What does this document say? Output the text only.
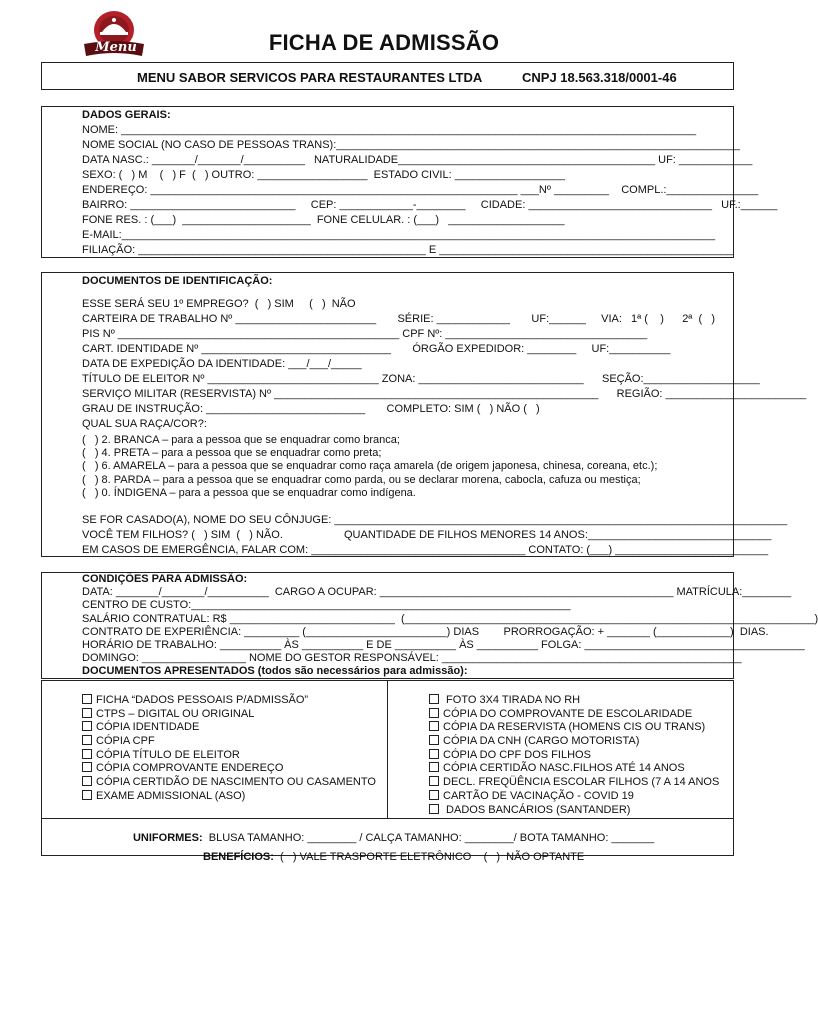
Menu	FICHA DE ADMISSÃO
MENU SABOR SERVICOS PARA RESTAURANTES LTDA	CNPJ 18.563.318/0001-46
DADOS GERAIS:
NOME: ______________________________________________________________________________________________
NOME SOCIAL (NO CASO DE PESSOAS TRANS):__________________________________________________________________
DATA NASC.: _______/_______/__________   NATURALIDADE__________________________________________ UF: ____________
SEXO: (   ) M    (   ) F  (   ) OUTRO: __________________  ESTADO CIVIL: __________________
ENDEREÇO: ____________________________________________________________ ___Nº _________    COMPL.:_______________
BAIRRO: ___________________________     CEP: ____________-________     CIDADE: ______________________________   UF.:______
FONE RES. : (___)  _____________________  FONE CELULAR. : (___)   ___________________
E-MAIL:_________________________________________________________________________________________________
FILIAÇÃO: _______________________________________________ E ________________________________________________
DOCUMENTOS DE IDENTIFICAÇÃO:
ESSE SERÁ SEU 1º EMPREGO?  (   ) SIM     (   )  NÃO
CARTEIRA DE TRABALHO Nº _______________________       SÉRIE: ____________       UF:______     VIA:   1ª (    )      2ª  (   )
PIS Nº ______________________________________________ CPF Nº: _________________________________
CART. IDENTIDADE Nº _______________________________       ÓRGÃO EXPEDIDOR: ________     UF:__________
DATA DE EXPEDIÇÃO DA IDENTIDADE: ___/___/_____
TÍTULO DE ELEITOR Nº ____________________________ ZONA: ___________________________      SEÇÃO:___________________
SERVIÇO MILITAR (RESERVISTA) Nº _____________________________________________________      REGIÃO: _______________________
GRAU DE INSTRUÇÃO: __________________________       COMPLETO: SIM (   ) NÃO (   )
QUAL SUA RAÇA/COR?:
(   ) 2. BRANCA – para a pessoa que se enquadrar como branca;
(   ) 4. PRETA – para a pessoa que se enquadrar como preta;
(   ) 6. AMARELA – para a pessoa que se enquadrar como raça amarela (de origem japonesa, chinesa, coreana, etc.);
(   ) 8. PARDA – para a pessoa que se enquadrar como parda, ou se declarar morena, cabocla, cafuza ou mestiça;
(   ) 0. ÍNDIGENA – para a pessoa que se enquadrar como indígena.
SE FOR CASADO(A), NOME DO SEU CÔNJUGE: __________________________________________________________________________
VOCÊ TEM FILHOS? (   ) SIM  (   ) NÃO.                    QUANTIDADE DE FILHOS MENORES 14 ANOS:______________________________
EM CASOS DE EMERGÊNCIA, FALAR COM: ___________________________________ CONTATO: (___) _________________________
CONDIÇÕES PARA ADMISSÃO:
DATA: _______/_______/__________  CARGO A OCUPAR: ________________________________________________ MATRÍCULA:________
CENTRO DE CUSTO:______________________________________________________________
SALÁRIO CONTRATUAL: R$ ___________________________  (___________________________________________________________________)
CONTRATO DE EXPERIÊNCIA: _________ (_______________________) DIAS        PRORROGAÇÃO: + _______ (____________)  DIAS.
HORÁRIO DE TRABALHO: __________ ÀS __________ E DE __________ ÀS __________ FOLGA: ____________________________________
DOMINGO: _________________ NOME DO GESTOR RESPONSÁVEL: _________________________________________________
DOCUMENTOS APRESENTADOS (todos são necessários para admissão):
FICHA “DADOS PESSOAIS P/ADMISSÃO”
CTPS – DIGITAL OU ORIGINAL
CÓPIA IDENTIDADE
CÓPIA CPF
CÓPIA TÍTULO DE ELEITOR
CÓPIA COMPROVANTE ENDEREÇO
CÓPIA CERTIDÃO DE NASCIMENTO OU CASAMENTO
EXAME ADMISSIONAL (ASO)
FOTO 3X4 TIRADA NO RH
CÓPIA DO COMPROVANTE DE ESCOLARIDADE
CÓPIA DA RESERVISTA (HOMENS CIS OU TRANS)
CÓPIA DA CNH (CARGO MOTORISTA)
CÓPIA DO CPF DOS FILHOS
CÓPIA CERTIDÃO NASC.FILHOS ATÉ 14 ANOS
DECL. FREQÜÊNCIA ESCOLAR FILHOS (7 A 14 ANOS
CARTÃO DE VACINAÇÃO - COVID 19
DADOS BANCÁRIOS (SANTANDER)

UNIFORMES:  BLUSA TAMANHO: ________ / CALÇA TAMANHO: ________/ BOTA TAMANHO: _______

BENEFÍCIOS:  (   ) VALE TRASPORTE ELETRÔNICO    (   )  NÃO OPTANTE
